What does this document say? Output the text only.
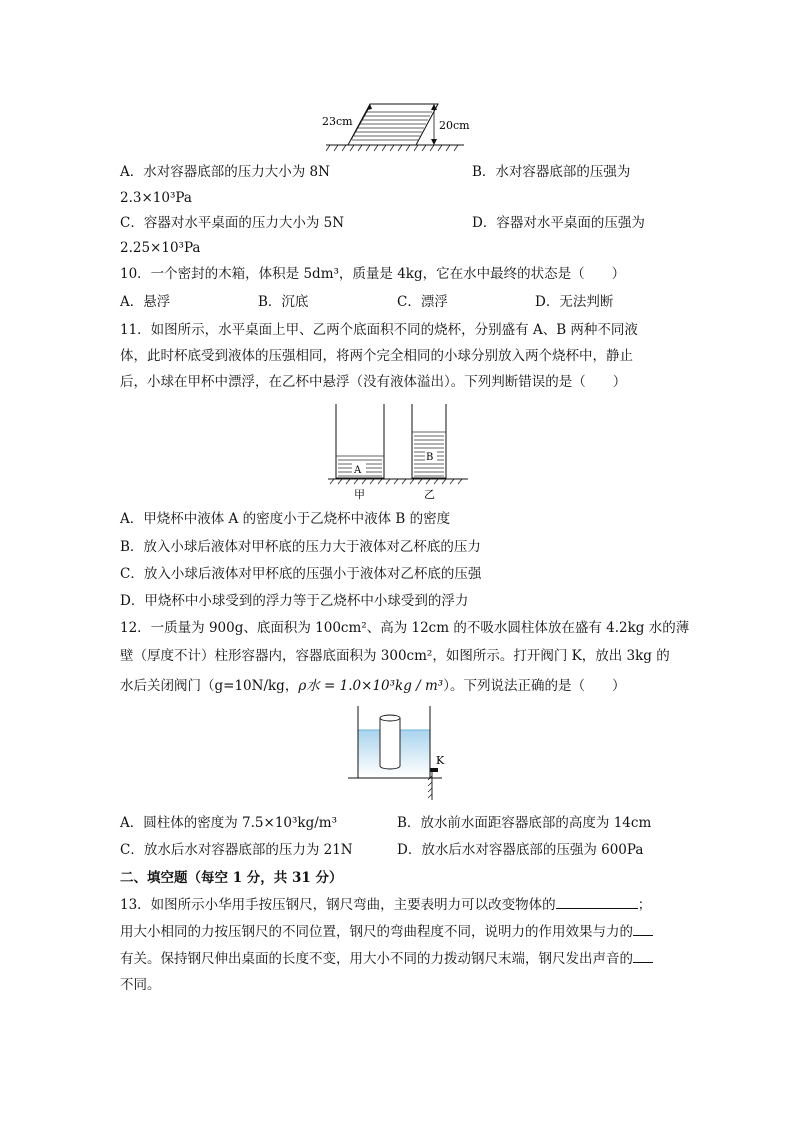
23cm	20cm
A．水对容器底部的压力大小为 8N	B．水对容器底部的压强为
2.3×10³Pa
C．容器对水平桌面的压力大小为 5N	D．容器对水平桌面的压强为
2.25×10³Pa
10．一个密封的木箱，体积是 5dm³，质量是 4kg，它在水中最终的状态是（　　）
A．悬浮	B．沉底	C．漂浮	D．无法判断
11．如图所示，水平桌面上甲、乙两个底面积不同的烧杯，分别盛有 A、B 两种不同液
体，此时杯底受到液体的压强相同，将两个完全相同的小球分别放入两个烧杯中，静止
后，小球在甲杯中漂浮，在乙杯中悬浮（没有液体溢出）。下列判断错误的是（　　）
A
B
甲	乙
A．甲烧杯中液体 A 的密度小于乙烧杯中液体 B 的密度
B．放入小球后液体对甲杯底的压力大于液体对乙杯底的压力
C．放入小球后液体对甲杯底的压强小于液体对乙杯底的压强
D．甲烧杯中小球受到的浮力等于乙烧杯中小球受到的浮力
12．一质量为 900g、底面积为 100cm²、高为 12cm 的不吸水圆柱体放在盛有 4.2kg 水的薄
壁（厚度不计）柱形容器内，容器底面积为 300cm²，如图所示。打开阀门 K，放出 3kg 的
水后关闭阀门（g=10N/kg，ρ水 = 1.0×10³kg / m³）。下列说法正确的是（　　）
K
A．圆柱体的密度为 7.5×10³kg/m³	B．放水前水面距容器底部的高度为 14cm
C．放水后水对容器底部的压力为 21N	D．放水后水对容器底部的压强为 600Pa
二、填空题（每空 1 分，共 31 分）
13．如图所示小华用手按压钢尺，钢尺弯曲，主要表明力可以改变物体的	；
用大小相同的力按压钢尺的不同位置，钢尺的弯曲程度不同，说明力的作用效果与力的
有关。保持钢尺伸出桌面的长度不变，用大小不同的力拨动钢尺末端，钢尺发出声音的
不同。
